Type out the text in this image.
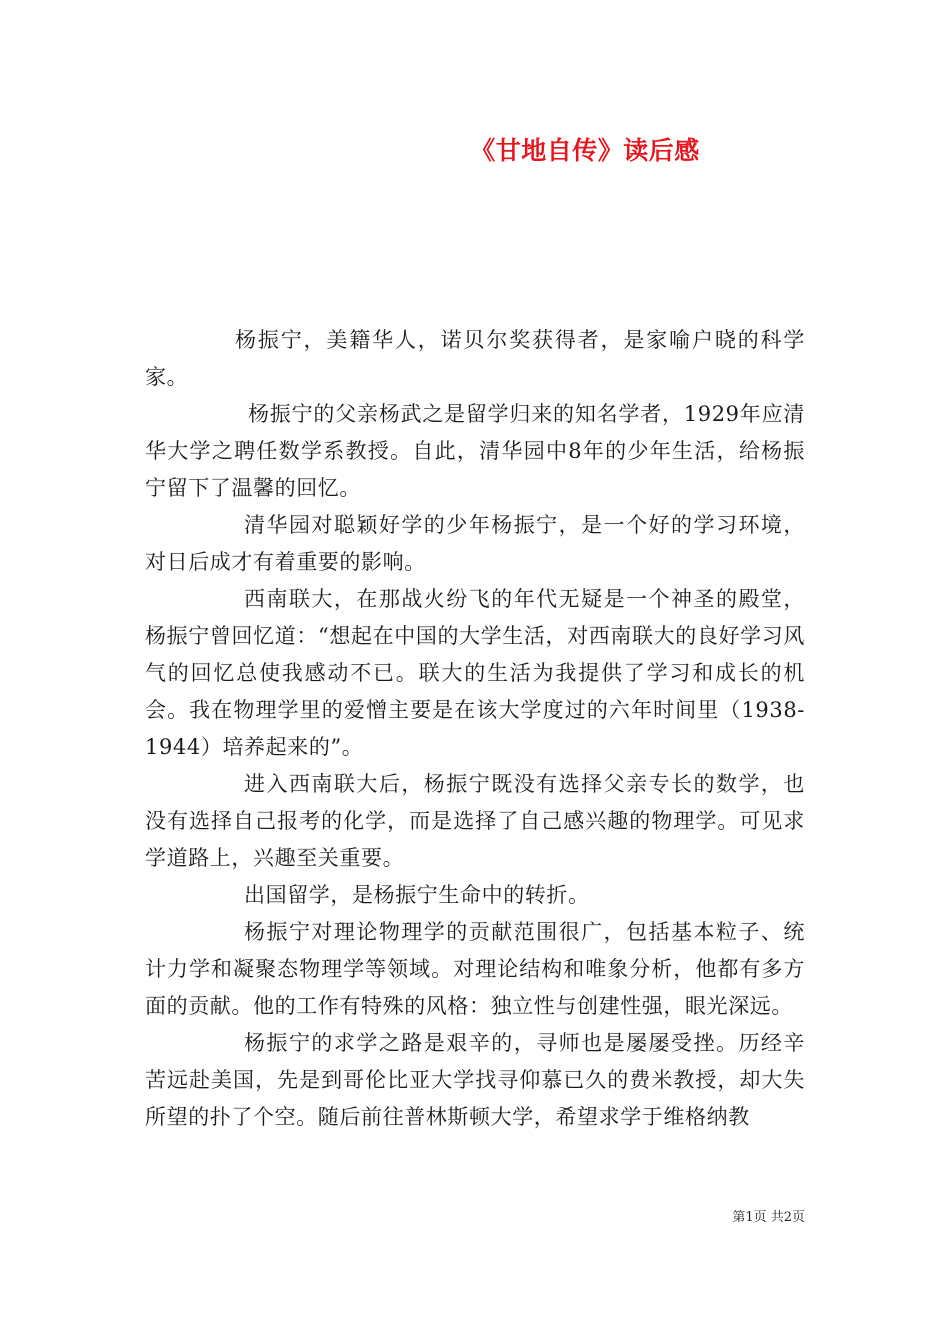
《甘地自传》读后感

杨振宁，美籍华人，诺贝尔奖获得者，是家喻户晓的科学家。

杨振宁的父亲杨武之是留学归来的知名学者，1929年应清华大学之聘任数学系教授。自此，清华园中8年的少年生活，给杨振宁留下了温馨的回忆。

清华园对聪颖好学的少年杨振宁，是一个好的学习环境，对日后成才有着重要的影响。

西南联大，在那战火纷飞的年代无疑是一个神圣的殿堂，杨振宁曾回忆道：“想起在中国的大学生活，对西南联大的良好学习风气的回忆总使我感动不已。联大的生活为我提供了学习和成长的机会。我在物理学里的爱憎主要是在该大学度过的六年时间里（1938-1944）培养起来的”。

进入西南联大后，杨振宁既没有选择父亲专长的数学，也没有选择自己报考的化学，而是选择了自己感兴趣的物理学。可见求学道路上，兴趣至关重要。

出国留学，是杨振宁生命中的转折。

杨振宁对理论物理学的贡献范围很广，包括基本粒子、统计力学和凝聚态物理学等领域。对理论结构和唯象分析，他都有多方面的贡献。他的工作有特殊的风格：独立性与创建性强，眼光深远。

杨振宁的求学之路是艰辛的，寻师也是屡屡受挫。历经辛苦远赴美国，先是到哥伦比亚大学找寻仰慕已久的费米教授，却大失所望的扑了个空。随后前往普林斯顿大学，希望求学于维格纳教

第1页 共2页
